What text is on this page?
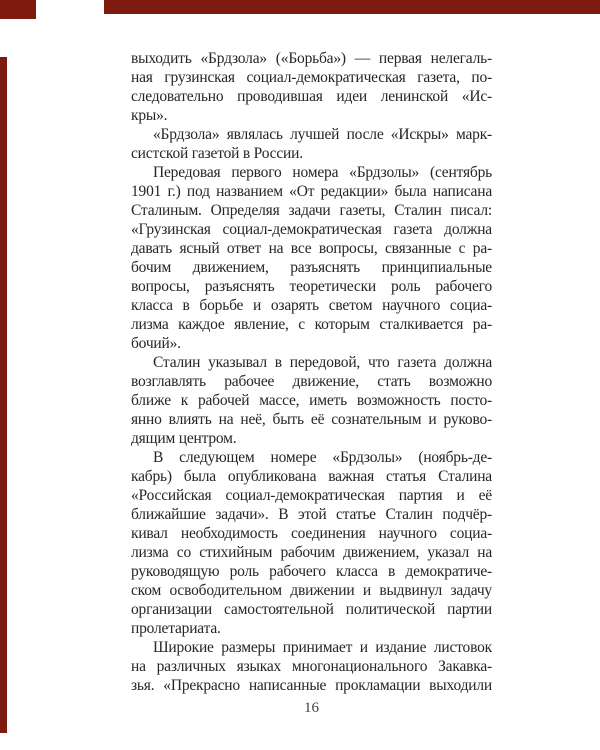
выходить «Брдзола» («Борьба») — первая нелегаль-
ная грузинская социал-демократическая газета, по-
следовательно проводившая идеи ленинской «Ис-
кры».
«Брдзола» являлась лучшей после «Искры» марк-
систской газетой в России.
Передовая первого номера «Брдзолы» (сентябрь
1901 г.) под названием «От редакции» была написана
Сталиным. Определяя задачи газеты, Сталин писал:
«Грузинская социал-демократическая газета должна
давать ясный ответ на все вопросы, связанные с ра-
бочим движением, разъяснять принципиальные
вопросы, разъяснять теоретически роль рабочего
класса в борьбе и озарять светом научного социа-
лизма каждое явление, с которым сталкивается ра-
бочий».
Сталин указывал в передовой, что газета должна
возглавлять рабочее движение, стать возможно
ближе к рабочей массе, иметь возможность посто-
янно влиять на неё, быть её сознательным и руково-
дящим центром.
В следующем номере «Брдзолы» (ноябрь-де-
кабрь) была опубликована важная статья Сталина
«Российская социал-демократическая партия и её
ближайшие задачи». В этой статье Сталин подчёр-
кивал необходимость соединения научного социа-
лизма со стихийным рабочим движением, указал на
руководящую роль рабочего класса в демократиче-
ском освободительном движении и выдвинул задачу
организации самостоятельной политической партии
пролетариата.
Широкие размеры принимает и издание листовок
на различных языках многонационального Закавка-
зья. «Прекрасно написанные прокламации выходили
16
